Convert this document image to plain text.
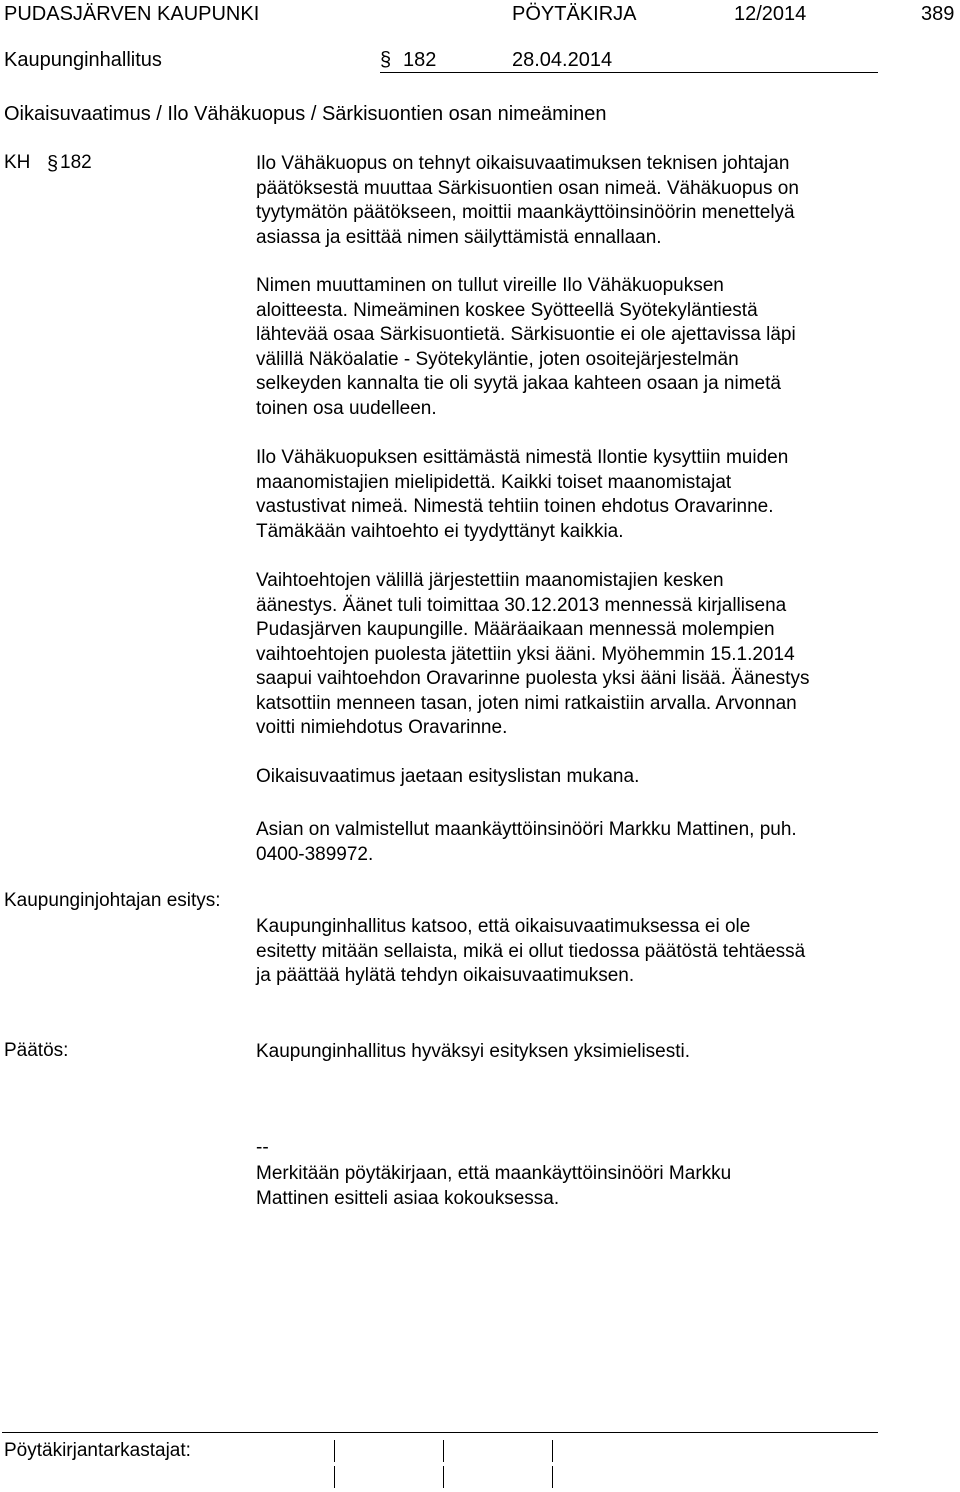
PUDASJÄRVEN KAUPUNKI	PÖYTÄKIRJA	12/2014	389
Kaupunginhallitus	182	28.04.2014
§
§
Oikaisuvaatimus / Ilo Vähäkuopus / Särkisuontien osan nimeäminen
KH 182	Ilo Vähäkuopus on tehnyt oikaisuvaatimuksen teknisen johtajan
päätöksestä muuttaa Särkisuontien osan nimeä. Vähäkuopus on
tyytymätön päätökseen, moittii maankäyttöinsinöörin menettelyä
asiassa ja esittää nimen säilyttämistä ennallaan.

Nimen muuttaminen on tullut vireille Ilo Vähäkuopuksen
aloitteesta. Nimeäminen koskee Syötteellä Syötekyläntiestä
lähtevää osaa Särkisuontietä. Särkisuontie ei ole ajettavissa läpi
välillä Näköalatie - Syötekyläntie, joten osoitejärjestelmän
selkeyden kannalta tie oli syytä jakaa kahteen osaan ja nimetä
toinen osa uudelleen.

Ilo Vähäkuopuksen esittämästä nimestä Ilontie kysyttiin muiden
maanomistajien mielipidettä. Kaikki toiset maanomistajat
vastustivat nimeä. Nimestä tehtiin toinen ehdotus Oravarinne.
Tämäkään vaihtoehto ei tyydyttänyt kaikkia.

Vaihtoehtojen välillä järjestettiin maanomistajien kesken
äänestys. Äänet tuli toimittaa 30.12.2013 mennessä kirjallisena
Pudasjärven kaupungille. Määräaikaan mennessä molempien
vaihtoehtojen puolesta jätettiin yksi ääni. Myöhemmin 15.1.2014
saapui vaihtoehdon Oravarinne puolesta yksi ääni lisää. Äänestys
katsottiin menneen tasan, joten nimi ratkaistiin arvalla. Arvonnan
voitti nimiehdotus Oravarinne.

Oikaisuvaatimus jaetaan esityslistan mukana.

Asian on valmistellut maankäyttöinsinööri Markku Mattinen, puh.
0400-389972.

Kaupunginjohtajan esitys:

Kaupunginhallitus katsoo, että oikaisuvaatimuksessa ei ole
esitetty mitään sellaista, mikä ei ollut tiedossa päätöstä tehtäessä
ja päättää hylätä tehdyn oikaisuvaatimuksen.

Päätös:	Kaupunginhallitus hyväksyi esityksen yksimielisesti.

--

Merkitään pöytäkirjaan, että maankäyttöinsinööri Markku
Mattinen esitteli asiaa kokouksessa.

Pöytäkirjantarkastajat:
